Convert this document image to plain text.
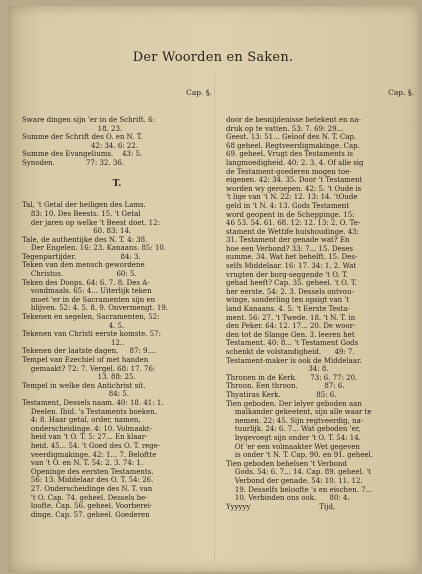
Der Woorden en Saken.

Cap. §.

Sware dingen sijn 'er in de Schrift. 6:
18. 23.
Summe der Schrift des O. en N. T.
42: 34. 6: 22.
Summe des Evangeliums.    43: 5.
Synoden.              77: 32. 36.

T.

Tal, 't Getal der heiligen des Lams.
83: 10. Des Beests. 15. 't Getal
der jaren op welke 't Beest doet. 12:
60. 83: 14.
Tale, de authentijke des N. T. 4: 38.
Der Engelen. 16: 23. Kanaans. 85: 10.
Tegenpartijder.                    84: 3.
Teken van den mensch gewordene
Christus.                        60: 5.
Teken des Doops. 64: 6. 7. 8. Des A-
vondmaals. 65: 4... Uiterlijk teken
moet 'er in de Sacramenten sijn en
blijven. 52: 4. 5. 8. 9. Onvermengt. 19.
Tekenen en segelen, Sacramenten, 52:
4. 5.
Tekenen van Christi eerste komste. 57:
12..
Tekenen der laatste dagen.     87: 9....
Tempel van Ezechiel of met handen
gemaakt? 72: 7. Vergel. 68: 17. 76:
13. 88: 25.
Tempel in welke den Antichrist sit.
84: 5.
Testament, Dessels naam. 40: 18. 41: 1.
Deelen. Ibid. 's Testaments boeken.
4: 8. Haar getal, order, namen,
onderscheidinge. 4: 10. Volmaakt-
heid van 't O. T. 5: 27... En klaar-
heid. 45... 54. 't Goed des O. T. rege-
veerdigmakinge. 42: 1... 7. Beloftte
van 't O. en N. T. 54: 2. 3. 74: 1.
Openinge des eersten Testaments.
56: 13. Middelaar des O. T. 54: 26.
27. Onderscheidinge des N. T. van
't O. Cap. 74. geheel. Dessels be-
loofte. Cap. 56. geheel. Voorberei-
dinge. Cap. 57. geheel. Goederen

Cap. §.

door de besnijdenisse betekent en na-
druk op te vatten. 53: 7. 69: 29...
Geest. 13: 51... Geloof des N. T. Cap.
68 geheel. Regtveerdigmakinge. Cap.
69. geheel. Vrugt des Testaments is
langmoedigheid. 40: 2. 3. 4. Of alle sig
de Testament-goederen mogen toe-
eigenen. 42: 34. 35. Door 't Testament
worden wy geroepen. 42: 5. 't Oude is
't lige van 't N. 22: 12. 13: 14. 'tOude
geld in 't N. 4: 13. Gods Testament
word geopent in de Scheppinge. 15:
46 53. 54. 61. 68. 12: 12. 13: 2. O. Te-
stament de Wettife huishoudinge. 43:
31. Testament der genade wat? En
hoe een Verbond? 33: 7... 15. Deses
summe. 34. Wat het behelft. 15. Des-
selfs Middelaar. 16: 17. 34: 1. 2. Wat
vrugten der borg-seggende 't O. T.
gehad heeft? Cap. 35. geheel. 't O. T.
her eerste. 54: 2. 3. Dessels ontvou-
winge, sonderling ten opsigt van 't
land Kanaans. 4. 5. 't Eerste Testa-
ment. 56: 27. 't Twede. 18. 't N. T. in
den Peker. 64: 12. 17... 20. De woor-
den tot de Slange Gen. 3. leeren het
Testament. 40: 8... 't Testament Gods
schenkt de volstandigheid.      49: 7.
Testament-maker is ook de Middelaar.
34: 8.
Thronen in de Kerk.      73: 6. 77: 20.
Throon. Een throon.            87: 6.
Thyatiras Kerk.                85: 6.
Tien geboden. Der lelyer geboden aan
malkander gekeetent, sijn alle waar te
nemen. 22: 45. Sijn regtveerdig, na-
tuurlijk. 24: 6. 7... Wat geboden 'er,
bygevoegt sijn onder 't O. T. 54: 14.
Of 'er een volmaakter Wet gegeven
is onder 't N. T. Cap. 90. en 91. geheel.
Tien geboden behelsen 't Verbond
Gods. 54: 6. 7... 14. Cap. 89. geheel. 't
Verbond der genade. 54: 10. 11. 12.
19. Desselfs beloofte 's en eischen. 7...
10. Verbinden ons ook.      80: 4.
Yyyyyy                               Tijd,
